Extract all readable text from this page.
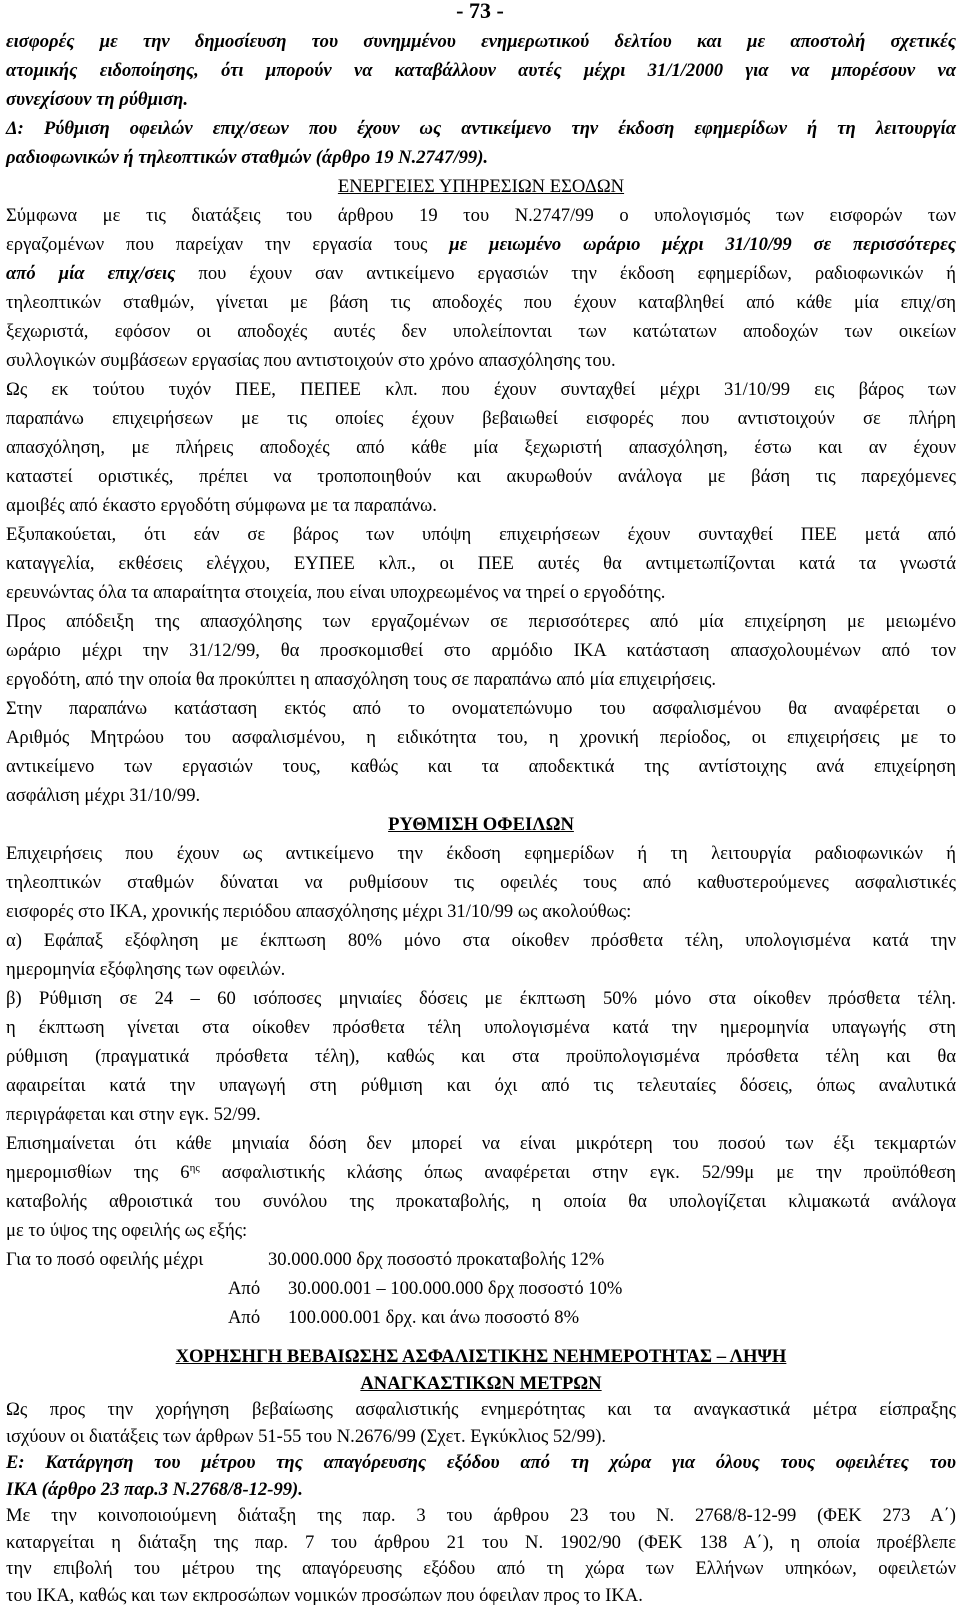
- 73 -
εισφορές με την δημοσίευση του συνημμένου ενημερωτικού δελτίου και με αποστολή σχετικές
ατομικής ειδοποίησης, ότι μπορούν να καταβάλλουν αυτές μέχρι 31/1/2000 για να μπορέσουν να
συνεχίσουν τη ρύθμιση.
Δ: Ρύθμιση οφειλών επιχ/σεων που έχουν ως αντικείμενο την έκδοση εφημερίδων ή τη λειτουργία
ραδιοφωνικών ή τηλεοπτικών σταθμών (άρθρο 19 Ν.2747/99).
ΕΝΕΡΓΕΙΕΣ ΥΠΗΡΕΣΙΩΝ ΕΣΟΔΩΝ
Σύμφωνα με τις διατάξεις του άρθρου 19 του Ν.2747/99 ο υπολογισμός των εισφορών των
εργαζομένων που παρείχαν την εργασία τους με μειωμένο ωράριο μέχρι 31/10/99 σε περισσότερες
από μία επιχ/σεις που έχουν σαν αντικείμενο εργασιών την έκδοση εφημερίδων, ραδιοφωνικών ή
τηλεοπτικών σταθμών, γίνεται με βάση τις αποδοχές που έχουν καταβληθεί από κάθε μία επιχ/ση
ξεχωριστά, εφόσον οι αποδοχές αυτές δεν υπολείπονται των κατώτατων αποδοχών των οικείων
συλλογικών συμβάσεων εργασίας που αντιστοιχούν στο χρόνο απασχόλησης του.
Ως εκ τούτου τυχόν ΠΕΕ, ΠΕΠΕΕ κλπ. που έχουν συνταχθεί μέχρι 31/10/99 εις βάρος των
παραπάνω επιχειρήσεων με τις οποίες έχουν βεβαιωθεί εισφορές που αντιστοιχούν σε πλήρη
απασχόληση, με πλήρεις αποδοχές από κάθε μία ξεχωριστή απασχόληση, έστω και αν έχουν
καταστεί οριστικές, πρέπει να τροποποιηθούν και ακυρωθούν ανάλογα με βάση τις παρεχόμενες
αμοιβές από έκαστο εργοδότη σύμφωνα με τα παραπάνω.
Εξυπακούεται, ότι εάν σε βάρος των υπόψη επιχειρήσεων έχουν συνταχθεί ΠΕΕ μετά από
καταγγελία, εκθέσεις ελέγχου, ΕΥΠΕΕ κλπ., οι ΠΕΕ αυτές θα αντιμετωπίζονται κατά τα γνωστά
ερευνώντας όλα τα απαραίτητα στοιχεία, που είναι υποχρεωμένος να τηρεί ο εργοδότης.
Προς απόδειξη της απασχόλησης των εργαζομένων σε περισσότερες από μία επιχείρηση με μειωμένο
ωράριο μέχρι την 31/12/99, θα προσκομισθεί στο αρμόδιο ΙΚΑ κατάσταση απασχολουμένων από τον
εργοδότη, από την οποία θα προκύπτει η απασχόληση τους σε παραπάνω από μία επιχειρήσεις.
Στην παραπάνω κατάσταση εκτός από το ονοματεπώνυμο του ασφαλισμένου θα αναφέρεται ο
Αριθμός Μητρώου του ασφαλισμένου, η ειδικότητα του, η χρονική περίοδος, οι επιχειρήσεις με το
αντικείμενο των εργασιών τους, καθώς και τα αποδεκτικά της αντίστοιχης ανά επιχείρηση
ασφάλιση μέχρι 31/10/99.
ΡΥΘΜΙΣΗ ΟΦΕΙΛΩΝ
Επιχειρήσεις που έχουν ως αντικείμενο την έκδοση εφημερίδων ή τη λειτουργία ραδιοφωνικών ή
τηλεοπτικών σταθμών δύναται να ρυθμίσουν τις οφειλές τους από καθυστερούμενες ασφαλιστικές
εισφορές στο ΙΚΑ, χρονικής περιόδου απασχόλησης μέχρι 31/10/99 ως ακολούθως:
α) Εφάπαξ εξόφληση με έκπτωση 80% μόνο στα οίκοθεν πρόσθετα τέλη, υπολογισμένα κατά την
ημερομηνία εξόφλησης των οφειλών.
β) Ρύθμιση σε 24 – 60 ισόποσες μηνιαίες δόσεις με έκπτωση 50% μόνο στα οίκοθεν πρόσθετα τέλη.
η έκπτωση γίνεται στα οίκοθεν πρόσθετα τέλη υπολογισμένα κατά την ημερομηνία υπαγωγής στη
ρύθμιση (πραγματικά πρόσθετα τέλη), καθώς και στα προϋπολογισμένα πρόσθετα τέλη και θα
αφαιρείται κατά την υπαγωγή στη ρύθμιση και όχι από τις τελευταίες δόσεις, όπως αναλυτικά
περιγράφεται και στην εγκ. 52/99.
Επισημαίνεται ότι κάθε μηνιαία δόση δεν μπορεί να είναι μικρότερη του ποσού των έξι τεκμαρτών
ημερομισθίων της $6^{\eta\varsigma}$ ασφαλιστικής κλάσης όπως αναφέρεται στην εγκ. 52/99μ με την προϋπόθεση
καταβολής αθροιστικά του συνόλου της προκαταβολής, η οποία θα υπολογίζεται κλιμακωτά ανάλογα
με το ύψος της οφειλής ως εξής:
Για το ποσό οφειλής μέχρι	30.000.000 δρχ ποσοστό προκαταβολής 12%
Από 30.000.001 – 100.000.000 δρχ ποσοστό 10%
Από 100.000.001 δρχ. και άνω ποσοστό 8%
ΧΟΡΗΣΗΓΗ ΒΕΒΑΙΩΣΗΣ ΑΣΦΑΛΙΣΤΙΚΗΣ ΝΕΗΜΕΡΟΤΗΤΑΣ – ΛΗΨΗ
ΑΝΑΓΚΑΣΤΙΚΩΝ ΜΕΤΡΩΝ
Ως προς την χορήγηση βεβαίωσης ασφαλιστικής ενημερότητας και τα αναγκαστικά μέτρα είσπραξης
ισχύουν οι διατάξεις των άρθρων 51-55 του Ν.2676/99 (Σχετ. Εγκύκλιος 52/99).
Ε: Κατάργηση του μέτρου της απαγόρευσης εξόδου από τη χώρα για όλους τους οφειλέτες του
ΙΚΑ (άρθρο 23 παρ.3 Ν.2768/8-12-99).
Με την κοινοποιούμενη διάταξη της παρ. 3 του άρθρου 23 του Ν. 2768/8-12-99 (ΦΕΚ 273 Α΄)
καταργείται η διάταξη της παρ. 7 του άρθρου 21 του Ν. 1902/90 (ΦΕΚ 138 Α΄), η οποία προέβλεπε
την επιβολή του μέτρου της απαγόρευσης εξόδου από τη χώρα των Ελλήνων υπηκόων, οφειλετών
του ΙΚΑ, καθώς και των εκπροσώπων νομικών προσώπων που όφειλαν προς το ΙΚΑ.
